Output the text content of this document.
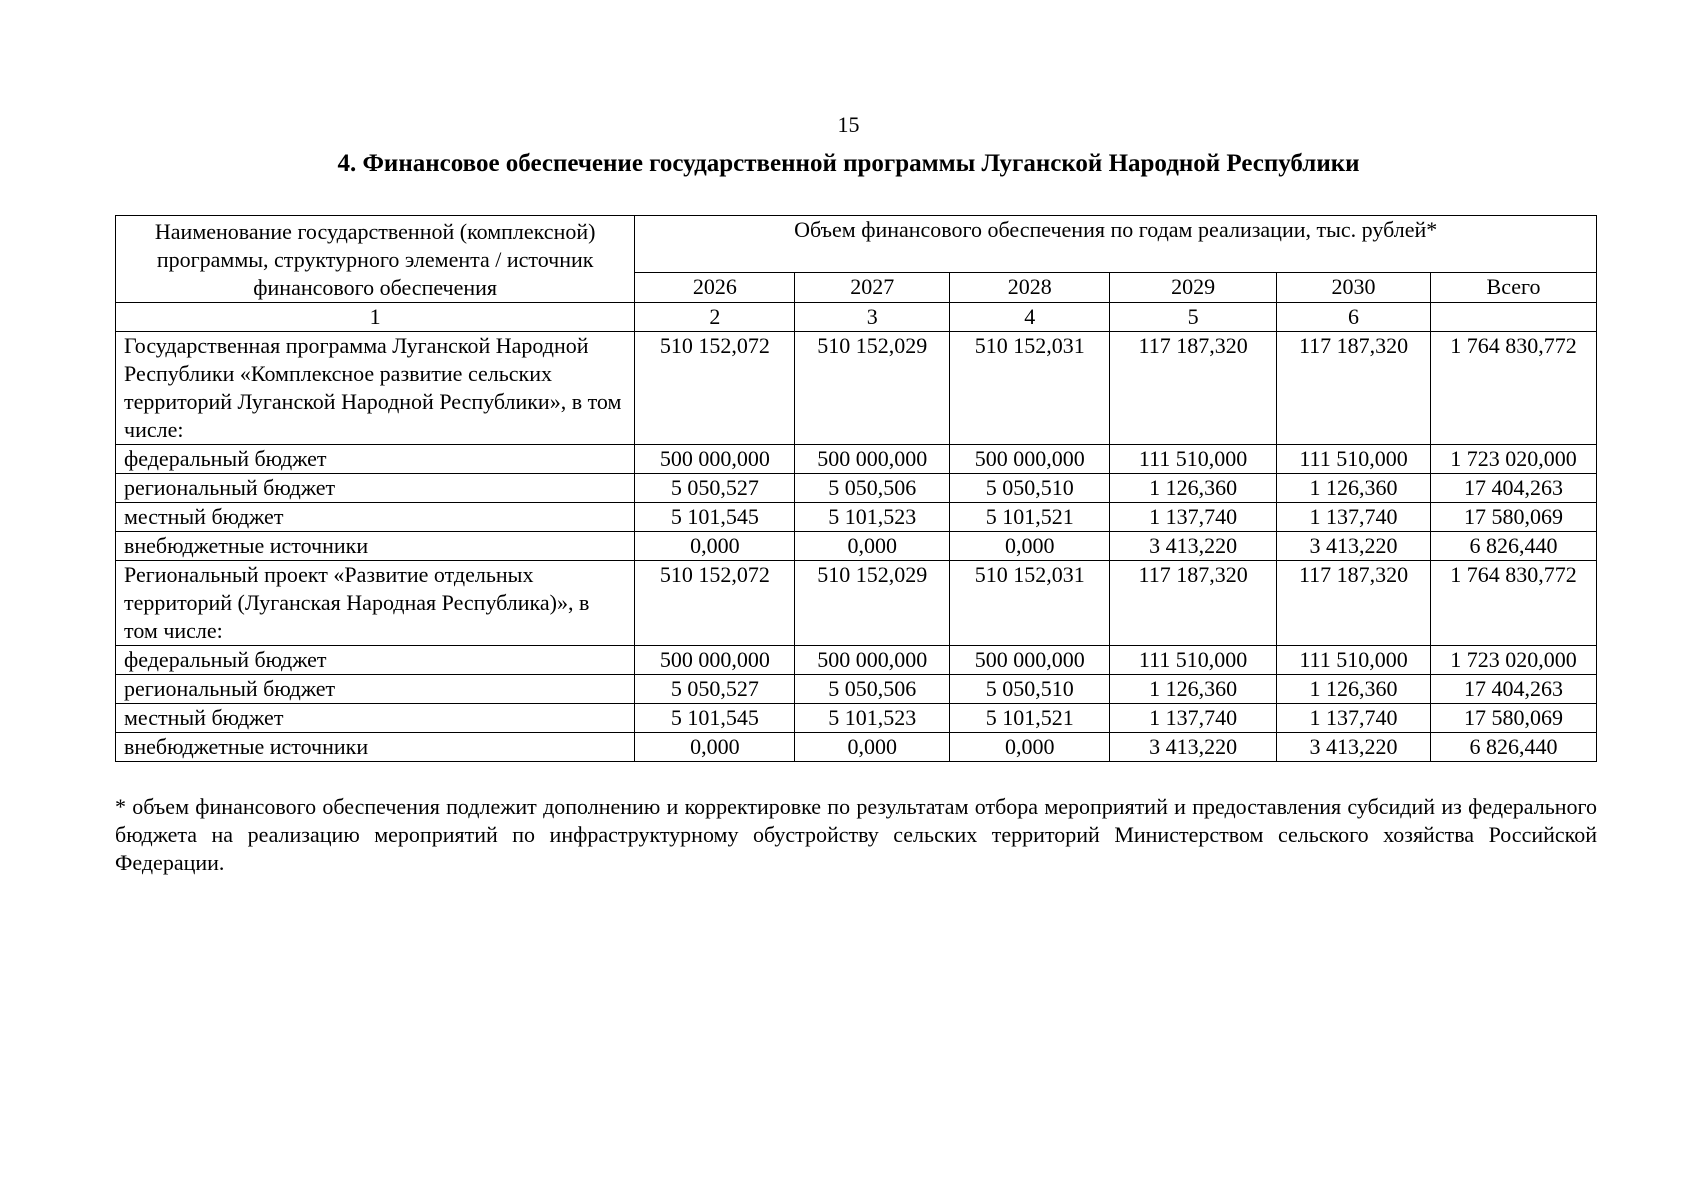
15
4. Финансовое обеспечение государственной программы Луганской Народной Республики
Наименование государственной (комплексной) программы, структурного элемента / источник финансового обеспечения	Объем финансового обеспечения по годам реализации, тыс. рублей*					
	2026	2027	2028	2029	2030	Всего
1	2	3	4	5	6	
Государственная программа Луганской Народной Республики «Комплексное развитие сельских территорий Луганской Народной Республики», в том числе:	510 152,072	510 152,029	510 152,031	117 187,320	117 187,320	1 764 830,772
федеральный бюджет	500 000,000	500 000,000	500 000,000	111 510,000	111 510,000	1 723 020,000
региональный бюджет	5 050,527	5 050,506	5 050,510	1 126,360	1 126,360	17 404,263
местный бюджет	5 101,545	5 101,523	5 101,521	1 137,740	1 137,740	17 580,069
внебюджетные источники	0,000	0,000	0,000	3 413,220	3 413,220	6 826,440
Региональный проект «Развитие отдельных территорий (Луганская Народная Республика)», в том числе:	510 152,072	510 152,029	510 152,031	117 187,320	117 187,320	1 764 830,772
федеральный бюджет	500 000,000	500 000,000	500 000,000	111 510,000	111 510,000	1 723 020,000
региональный бюджет	5 050,527	5 050,506	5 050,510	1 126,360	1 126,360	17 404,263
местный бюджет	5 101,545	5 101,523	5 101,521	1 137,740	1 137,740	17 580,069
внебюджетные источники	0,000	0,000	0,000	3 413,220	3 413,220	6 826,440
* объем финансового обеспечения подлежит дополнению и корректировке по результатам отбора мероприятий и предоставления субсидий из федерального бюджета на реализацию мероприятий по инфраструктурному обустройству сельских территорий Министерством сельского хозяйства Российской Федерации.
